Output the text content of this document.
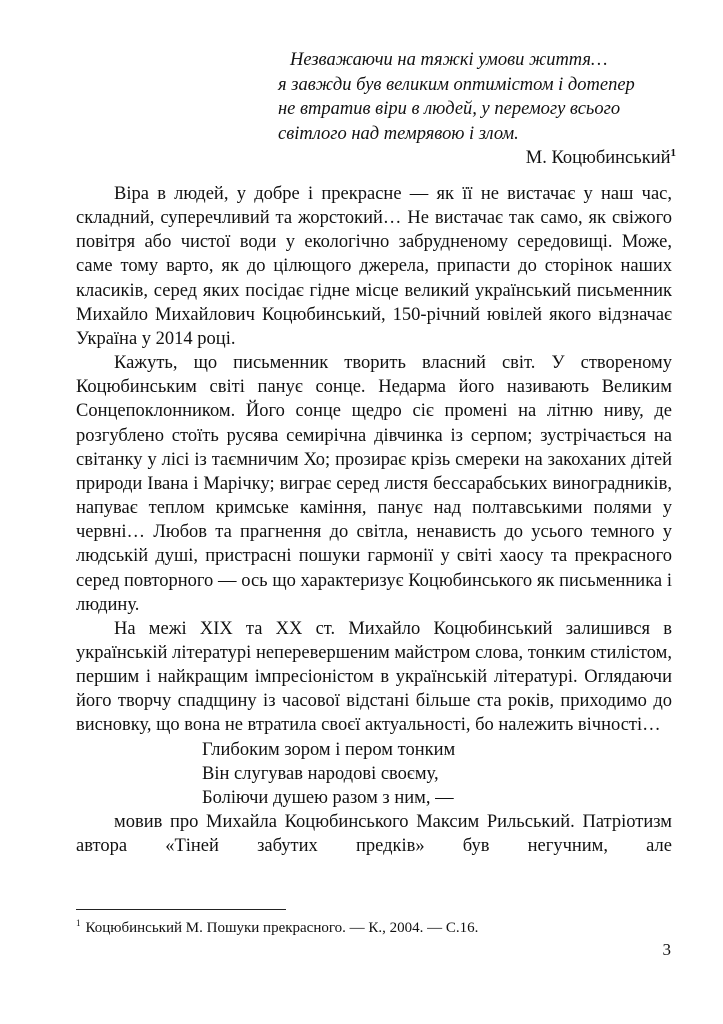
Незважаючи на тяжкі умови життя…
я завжди був великим оптимістом і дотепер
не втратив віри в людей, у перемогу всього
світлого над темрявою і злом.
М. Коцюбинський$^1$

Віра в людей, у добре і прекрасне — як її не вистачає у наш час, складний, суперечливий та жорстокий… Не вистачає так само, як свіжого повітря або чистої води у екологічно забрудненому середовищі. Може, саме тому варто, як до цілющого джерела, припасти до сторінок наших класиків, серед яких посідає гідне місце великий український письменник Михайло Михайлович Коцюбинський, 150-річний ювілей якого відзначає Україна у 2014 році.

Кажуть, що письменник творить власний світ. У створеному Коцюбинським світі панує сонце. Недарма його називають Великим Сонцепоклонником. Його сонце щедро сіє промені на літню ниву, де розгублено стоїть русява семирічна дівчинка із серпом; зустрічається на світанку у лісі із таємничим Хо; прозирає крізь смереки на закоханих дітей природи Івана і Марічку; виграє серед листя бессарабських виноградників, напуває теплом кримське каміння, панує над полтавськими полями у червні… Любов та прагнення до світла, ненависть до усього темного у людській душі, пристрасні пошуки гармонії у світі хаосу та прекрасного серед повторного — ось що характеризує Коцюбинського як письменника і людину.

На межі ХІХ та ХХ ст. Михайло Коцюбинський залишився в українській літературі неперевершеним майстром слова, тонким стилістом, першим і найкращим імпресіоністом в українській літературі. Оглядаючи його творчу спадщину із часової відстані більше ста років, приходимо до висновку, що вона не втратила своєї актуальності, бо належить вічності…

Глибоким зором і пером тонким
Він слугував народові своєму,
Боліючи душею разом з ним, —

мовив про Михайла Коцюбинського Максим Рильський. Патріотизм автора «Тіней забутих предків» був негучним, але

$^1$ Коцюбинський М. Пошуки прекрасного. — К., 2004. — С.16.
3
